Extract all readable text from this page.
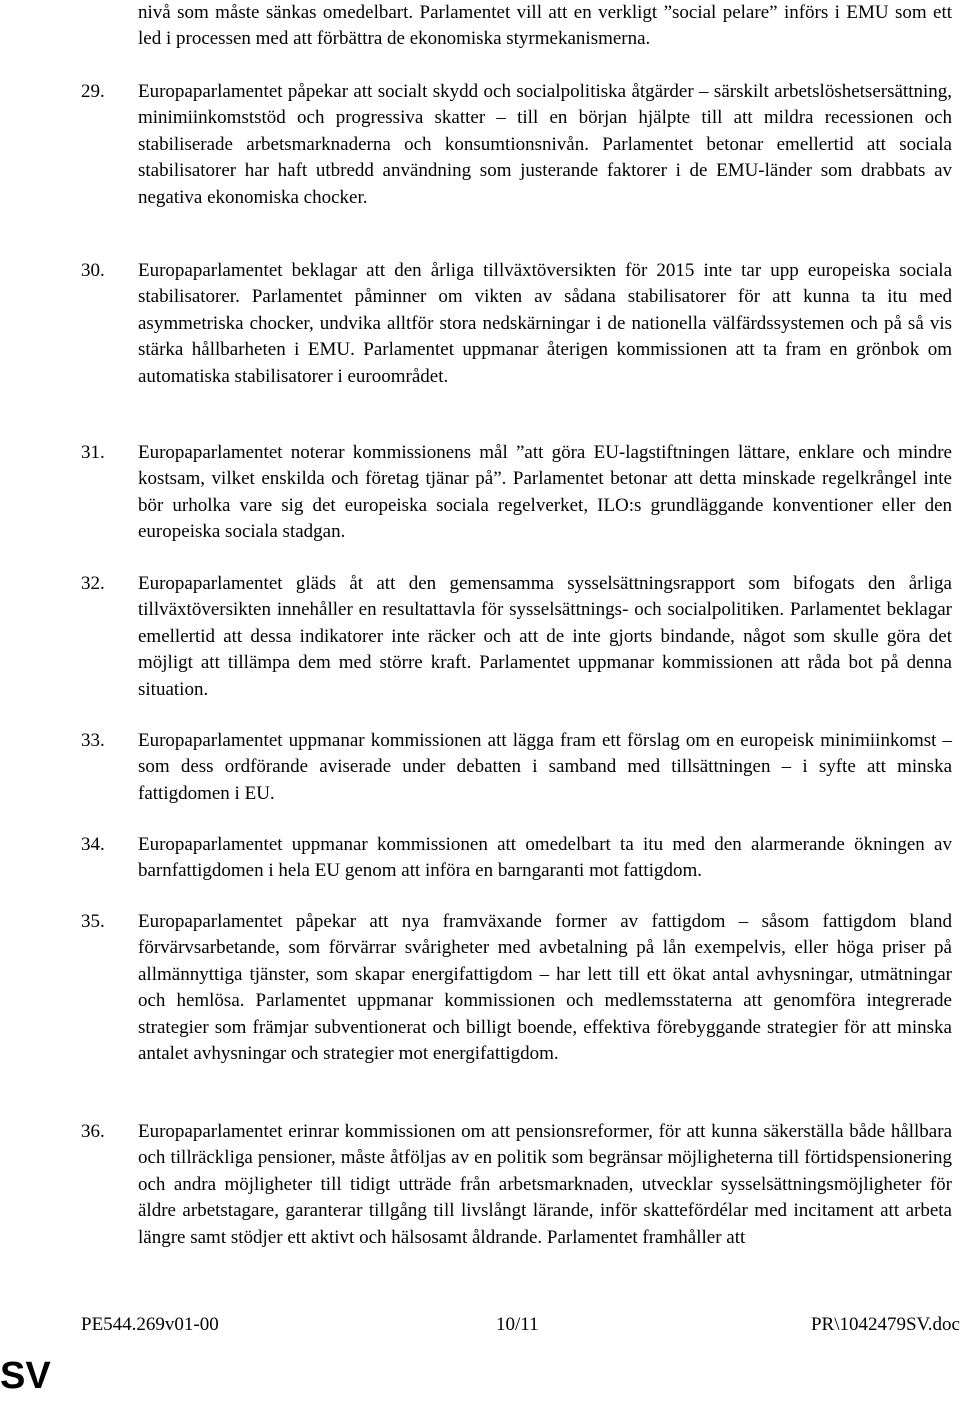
nivå som måste sänkas omedelbart. Parlamentet vill att en verkligt ”social pelare” införs i EMU som ett led i processen med att förbättra de ekonomiska styrmekanismerna.

29.	Europaparlamentet påpekar att socialt skydd och socialpolitiska åtgärder – särskilt arbetslöshetsersättning, minimiinkomststöd och progressiva skatter – till en början hjälpte till att mildra recessionen och stabiliserade arbetsmarknaderna och konsumtionsnivån. Parlamentet betonar emellertid att sociala stabilisatorer har haft utbredd användning som justerande faktorer i de EMU-länder som drabbats av negativa ekonomiska chocker.

30.	Europaparlamentet beklagar att den årliga tillväxtöversikten för 2015 inte tar upp europeiska sociala stabilisatorer. Parlamentet påminner om vikten av sådana stabilisatorer för att kunna ta itu med asymmetriska chocker, undvika alltför stora nedskärningar i de nationella välfärdssystemen och på så vis stärka hållbarheten i EMU. Parlamentet uppmanar återigen kommissionen att ta fram en grönbok om automatiska stabilisatorer i euroområdet.

31.	Europaparlamentet noterar kommissionens mål ”att göra EU-lagstiftningen lättare, enklare och mindre kostsam, vilket enskilda och företag tjänar på”. Parlamentet betonar att detta minskade regelkrångel inte bör urholka vare sig det europeiska sociala regelverket, ILO:s grundläggande konventioner eller den europeiska sociala stadgan.

32.	Europaparlamentet gläds åt att den gemensamma sysselsättningsrapport som bifogats den årliga tillväxtöversikten innehåller en resultattavla för sysselsättnings- och socialpolitiken. Parlamentet beklagar emellertid att dessa indikatorer inte räcker och att de inte gjorts bindande, något som skulle göra det möjligt att tillämpa dem med större kraft. Parlamentet uppmanar kommissionen att råda bot på denna situation.

33.	Europaparlamentet uppmanar kommissionen att lägga fram ett förslag om en europeisk minimiinkomst – som dess ordförande aviserade under debatten i samband med tillsättningen – i syfte att minska fattigdomen i EU.

34.	Europaparlamentet uppmanar kommissionen att omedelbart ta itu med den alarmerande ökningen av barnfattigdomen i hela EU genom att införa en barngaranti mot fattigdom.

35.	Europaparlamentet påpekar att nya framväxande former av fattigdom – såsom fattigdom bland förvärvsarbetande, som förvärrar svårigheter med avbetalning på lån exempelvis, eller höga priser på allmännyttiga tjänster, som skapar energifattigdom – har lett till ett ökat antal avhysningar, utmätningar och hemlösa. Parlamentet uppmanar kommissionen och medlemsstaterna att genomföra integrerade strategier som främjar subventionerat och billigt boende, effektiva förebyggande strategier för att minska antalet avhysningar och strategier mot energifattigdom.

36.	Europaparlamentet erinrar kommissionen om att pensionsreformer, för att kunna säkerställa både hållbara och tillräckliga pensioner, måste åtföljas av en politik som begränsar möjligheterna till förtidspensionering och andra möjligheter till tidigt utträde från arbetsmarknaden, utvecklar sysselsättningsmöjligheter för äldre arbetstagare, garanterar tillgång till livslångt lärande, inför skattefördélar med incitament att arbeta längre samt stödjer ett aktivt och hälsosamt åldrande. Parlamentet framhåller att

PE544.269v01-00	10/11	PR\1042479SV.doc
SV
